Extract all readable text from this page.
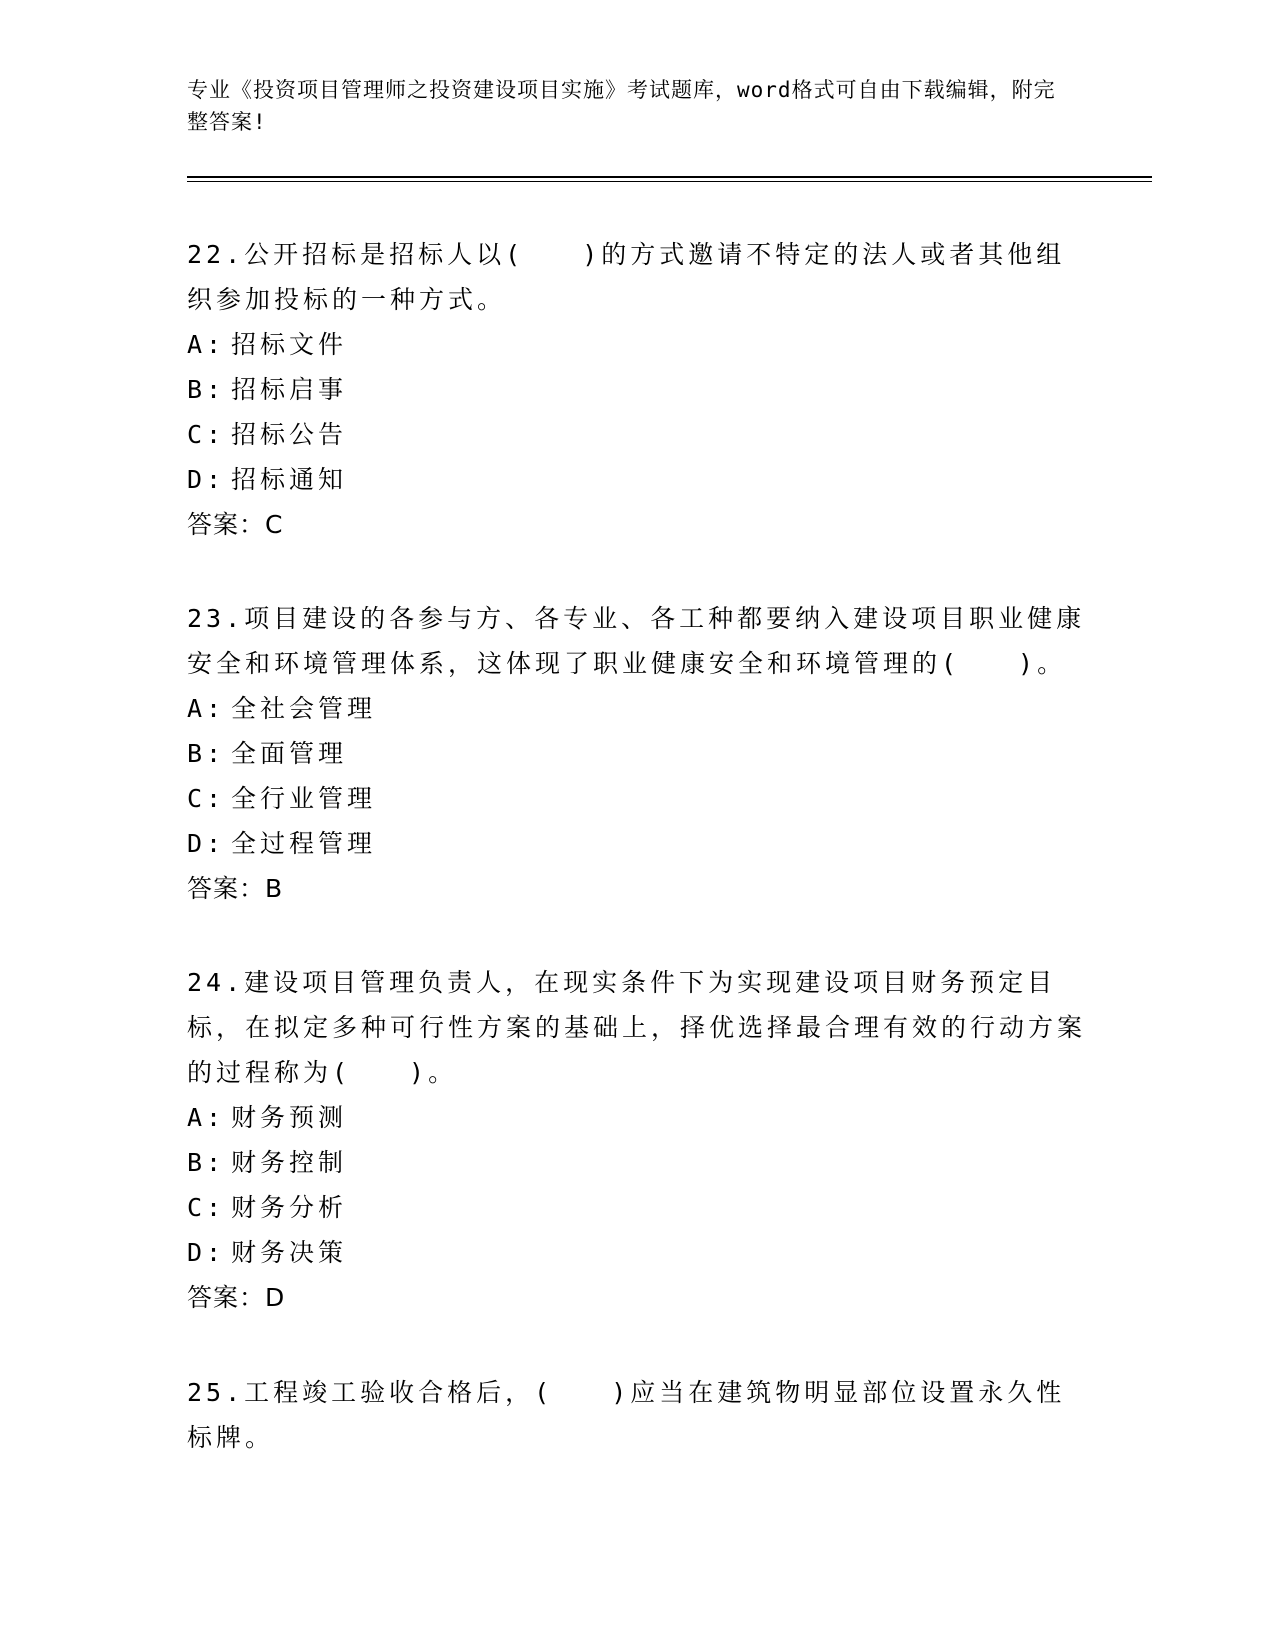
专业《投资项目管理师之投资建设项目实施》考试题库，word格式可自由下载编辑，附完整答案!

22.公开招标是招标人以(　　)的方式邀请不特定的法人或者其他组织参加投标的一种方式。

A: 招标文件

B: 招标启事

C: 招标公告

D: 招标通知

答案：C

23.项目建设的各参与方、各专业、各工种都要纳入建设项目职业健康安全和环境管理体系，这体现了职业健康安全和环境管理的(　　)。

A: 全社会管理

B: 全面管理

C: 全行业管理

D: 全过程管理

答案：B

24.建设项目管理负责人，在现实条件下为实现建设项目财务预定目标，在拟定多种可行性方案的基础上，择优选择最合理有效的行动方案的过程称为(　　)。

A: 财务预测

B: 财务控制

C: 财务分析

D: 财务决策

答案：D

25.工程竣工验收合格后，(　　)应当在建筑物明显部位设置永久性标牌。
